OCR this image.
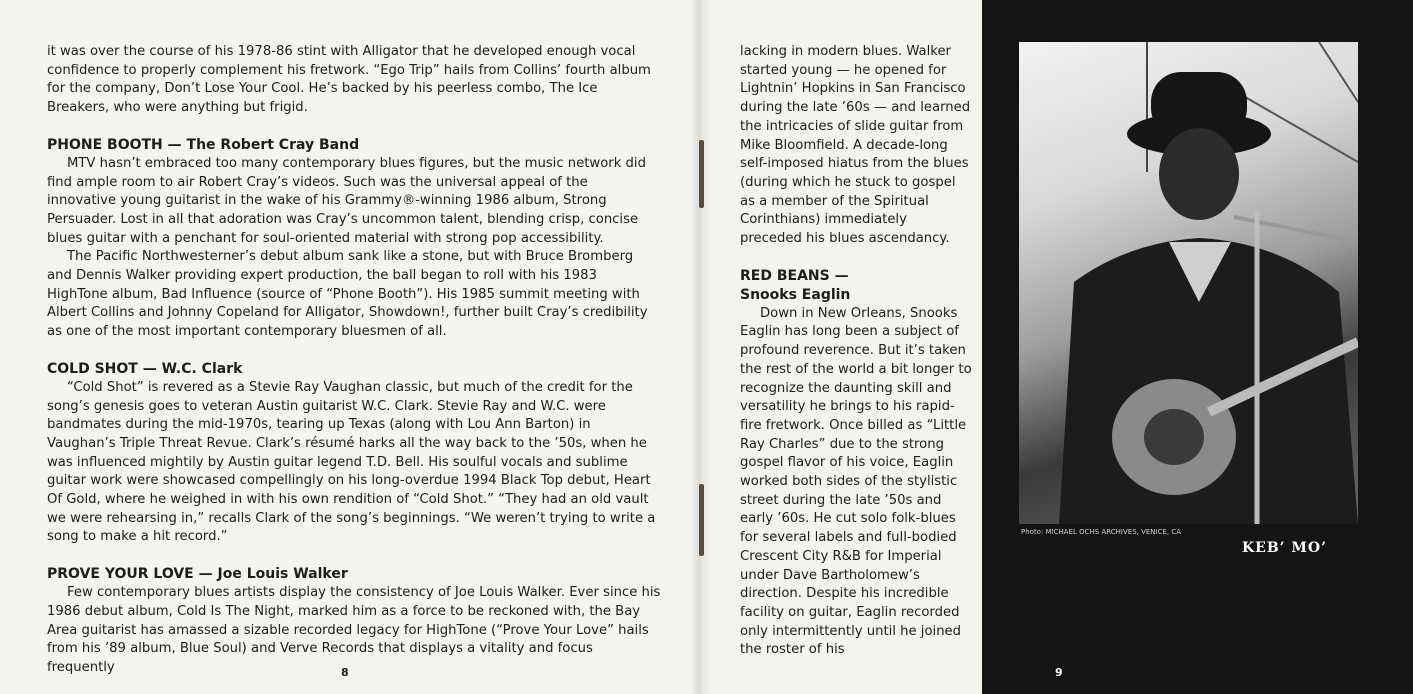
it was over the course of his 1978-86 stint with Alligator that he developed enough vocal confidence to properly complement his fretwork. “Ego Trip” hails from Collins’ fourth album for the company, Don’t Lose Your Cool. He’s backed by his peerless combo, The Ice Breakers, who were anything but frigid.

PHONE BOOTH — The Robert Cray Band

MTV hasn’t embraced too many contemporary blues figures, but the music network did find ample room to air Robert Cray’s videos. Such was the universal appeal of the innovative young guitarist in the wake of his Grammy®-winning 1986 album, Strong Persuader. Lost in all that adoration was Cray’s uncommon talent, blending crisp, concise blues guitar with a penchant for soul-oriented material with strong pop accessibility.

The Pacific Northwesterner’s debut album sank like a stone, but with Bruce Bromberg and Dennis Walker providing expert production, the ball began to roll with his 1983 HighTone album, Bad Influence (source of “Phone Booth”). His 1985 summit meeting with Albert Collins and Johnny Copeland for Alligator, Showdown!, further built Cray’s credibility as one of the most important contemporary bluesmen of all.

COLD SHOT — W.C. Clark

“Cold Shot” is revered as a Stevie Ray Vaughan classic, but much of the credit for the song’s genesis goes to veteran Austin guitarist W.C. Clark. Stevie Ray and W.C. were bandmates during the mid-1970s, tearing up Texas (along with Lou Ann Barton) in Vaughan’s Triple Threat Revue. Clark’s résumé harks all the way back to the ’50s, when he was influenced mightily by Austin guitar legend T.D. Bell. His soulful vocals and sublime guitar work were showcased compellingly on his long-overdue 1994 Black Top debut, Heart Of Gold, where he weighed in with his own rendition of “Cold Shot.” “They had an old vault we were rehearsing in,” recalls Clark of the song’s beginnings. “We weren’t trying to write a song to make a hit record.”

PROVE YOUR LOVE — Joe Louis Walker

Few contemporary blues artists display the consistency of Joe Louis Walker. Ever since his 1986 debut album, Cold Is The Night, marked him as a force to be reckoned with, the Bay Area guitarist has amassed a sizable recorded legacy for HighTone (“Prove Your Love” hails from his ’89 album, Blue Soul) and Verve Records that displays a vitality and focus frequently	8

lacking in modern blues. Walker started young — he opened for Lightnin’ Hopkins in San Francisco during the late ’60s — and learned the intricacies of slide guitar from Mike Bloomfield. A decade-long self-imposed hiatus from the blues (during which he stuck to gospel as a member of the Spiritual Corinthians) immediately preceded his blues ascendancy.

RED BEANS —
Snooks Eaglin

Down in New Orleans, Snooks Eaglin has long been a subject of profound reverence. But it’s taken the rest of the world a bit longer to recognize the daunting skill and versatility he brings to his rapid-fire fretwork. Once billed as “Little Ray Charles” due to the strong gospel flavor of his voice, Eaglin worked both sides of the stylistic street during the late ’50s and early ’60s. He cut solo folk-blues for several labels and full-bodied Crescent City R&B for Imperial under Dave Bartholomew’s direction. Despite his incredible facility on guitar, Eaglin recorded only intermittently until he joined the roster of his

Photo: MICHAEL OCHS ARCHIVES, VENICE, CA
KEB’ MO’
9
